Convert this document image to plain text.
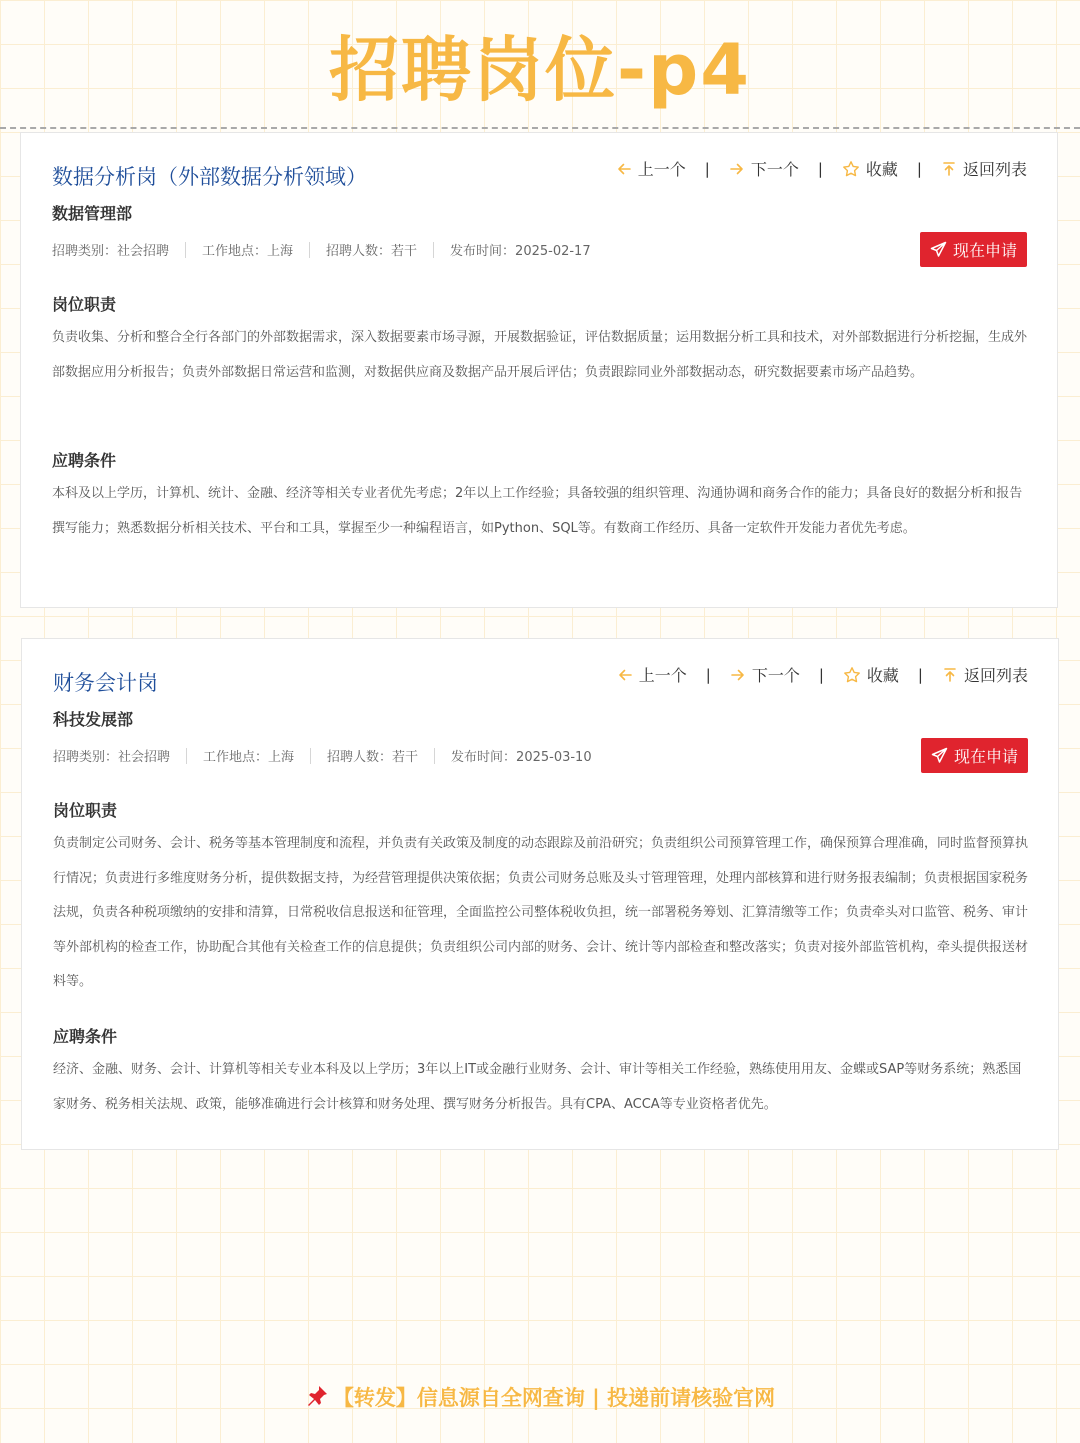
招聘岗位-p4
数据分析岗（外部数据分析领域）
数据管理部
招聘类别：社会招聘	工作地点：上海	招聘人数：若干	发布时间：2025-02-17
上一个 |	下一个 |	收藏 |	返回列表
现在申请
岗位职责
负责收集、分析和整合全行各部门的外部数据需求，深入数据要素市场寻源，开展数据验证，评估数据质量；运用数据分析工具和技术，对外部数据进行分析挖掘，生成外部数据应用分析报告；负责外部数据日常运营和监测，对数据供应商及数据产品开展后评估；负责跟踪同业外部数据动态，研究数据要素市场产品趋势。
应聘条件
本科及以上学历，计算机、统计、金融、经济等相关专业者优先考虑；2年以上工作经验；具备较强的组织管理、沟通协调和商务合作的能力；具备良好的数据分析和报告撰写能力；熟悉数据分析相关技术、平台和工具，掌握至少一种编程语言，如Python、SQL等。有数商工作经历、具备一定软件开发能力者优先考虑。
财务会计岗
科技发展部
招聘类别：社会招聘	工作地点：上海	招聘人数：若干	发布时间：2025-03-10
上一个 |	下一个 |	收藏 |	返回列表
现在申请
岗位职责
负责制定公司财务、会计、税务等基本管理制度和流程，并负责有关政策及制度的动态跟踪及前沿研究；负责组织公司预算管理工作，确保预算合理准确，同时监督预算执行情况；负责进行多维度财务分析，提供数据支持，为经营管理提供决策依据；负责公司财务总账及头寸管理管理，处理内部核算和进行财务报表编制；负责根据国家税务法规，负责各种税项缴纳的安排和清算，日常税收信息报送和征管理，全面监控公司整体税收负担，统一部署税务筹划、汇算清缴等工作；负责牵头对口监管、税务、审计等外部机构的检查工作，协助配合其他有关检查工作的信息提供；负责组织公司内部的财务、会计、统计等内部检查和整改落实；负责对接外部监管机构，牵头提供报送材料等。
应聘条件
经济、金融、财务、会计、计算机等相关专业本科及以上学历；3年以上IT或金融行业财务、会计、审计等相关工作经验，熟练使用用友、金蝶或SAP等财务系统；熟悉国家财务、税务相关法规、政策，能够准确进行会计核算和财务处理、撰写财务分析报告。具有CPA、ACCA等专业资格者优先。
【转发】信息源自全网查询 | 投递前请核验官网
